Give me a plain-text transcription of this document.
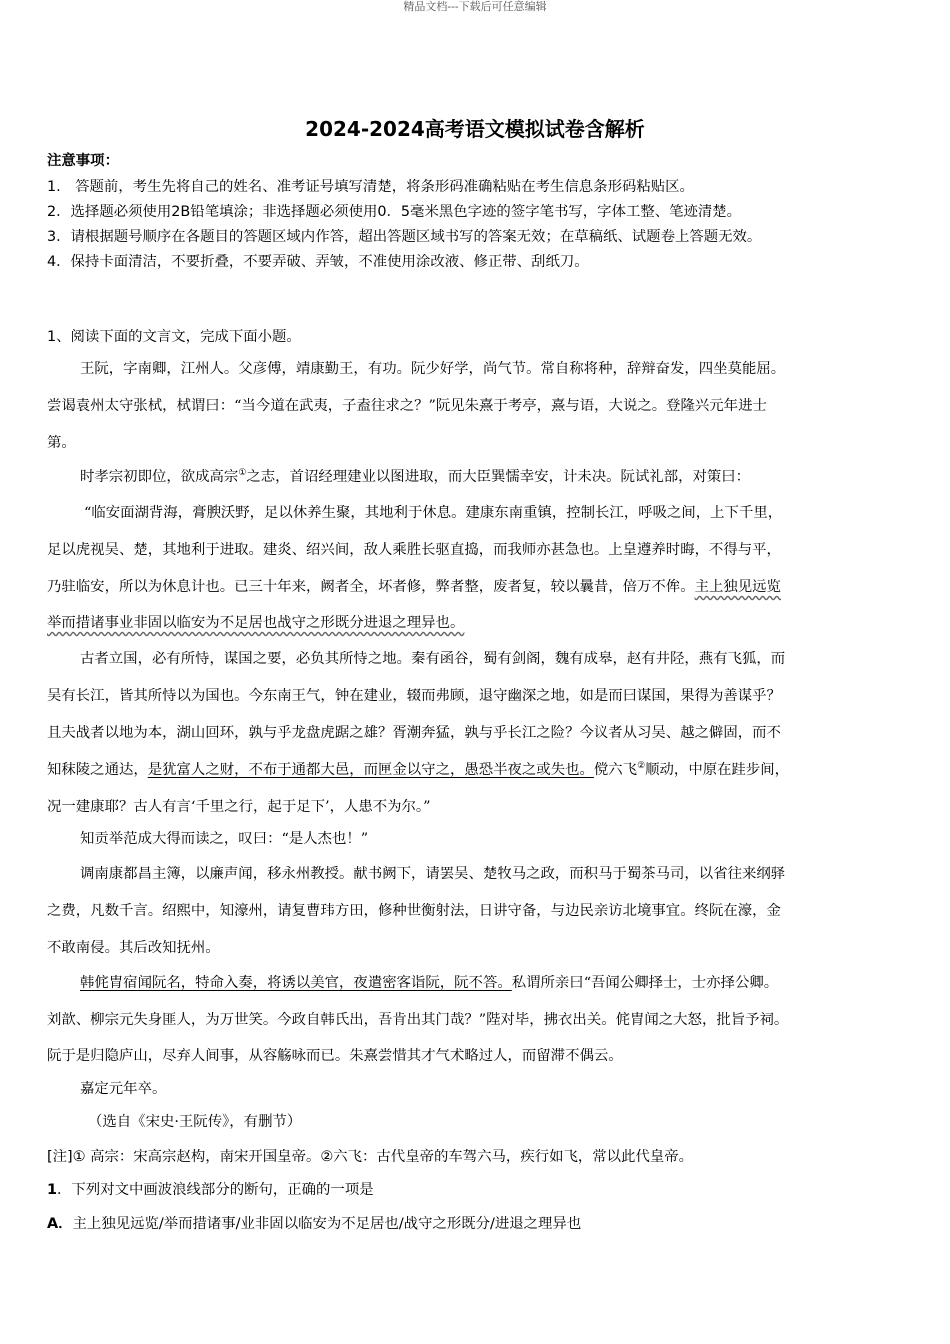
精品文档---下载后可任意编辑
2024-2024高考语文模拟试卷含解析
注意事项：
1.　答题前，考生先将自己的姓名、准考证号填写清楚，将条形码准确粘贴在考生信息条形码粘贴区。
2．选择题必须使用2B铅笔填涂；非选择题必须使用0．5毫米黑色字迹的签字笔书写，字体工整、笔迹清楚。
3．请根据题号顺序在各题目的答题区域内作答，超出答题区域书写的答案无效；在草稿纸、试题卷上答题无效。
4．保持卡面清洁，不要折叠，不要弄破、弄皱，不准使用涂改液、修正带、刮纸刀。
1、阅读下面的文言文，完成下面小题。
王阮，字南卿，江州人。父彦傅，靖康勤王，有功。阮少好学，尚气节。常自称将种，辞辩奋发，四坐莫能屈。
尝谒袁州太守张栻，栻谓曰：“当今道在武夷，子盍往求之？”阮见朱熹于考亭，熹与语，大说之。登隆兴元年进士
第。
时孝宗初即位，欲成高宗①之志，首诏经理建业以图进取，而大臣巽懦幸安，计未决。阮试礼部，对策曰：
“临安面湖背海，膏腴沃野，足以休养生聚，其地利于休息。建康东南重镇，控制长江，呼吸之间，上下千里，
足以虎视吴、楚，其地利于进取。建炎、绍兴间，敌人乘胜长驱直捣，而我师亦甚急也。上皇遵养时晦，不得与平，
乃驻临安，所以为休息计也。已三十年来，阙者全，坏者修，弊者整，废者复，较以曩昔，倍万不侔。主上独见远览
举而措诸事业非固以临安为不足居也战守之形既分进退之理异也。
古者立国，必有所恃，谋国之要，必负其所恃之地。秦有函谷，蜀有剑阁，魏有成皋，赵有井陉，燕有飞狐，而
吴有长江，皆其所恃以为国也。今东南王气，钟在建业，辍而弗顾，退守幽深之地，如是而曰谋国，果得为善谋乎？
且夫战者以地为本，湖山回环，孰与乎龙盘虎踞之雄？胥潮奔猛，孰与乎长江之险？今议者从习吴、越之僻固，而不
知秣陵之通达，是犹富人之财，不布于通都大邑，而匣金以守之，愚恐半夜之或失也。傥六飞②顺动，中原在跬步间，
况一建康耶？古人有言‘千里之行，起于足下’，人患不为尔。”
知贡举范成大得而读之，叹曰：“是人杰也！”
调南康都昌主簿，以廉声闻，移永州教授。献书阙下，请罢吴、楚牧马之政，而积马于蜀茶马司，以省往来纲驿
之费，凡数千言。绍熙中，知濠州，请复曹玮方田，修种世衡射法，日讲守备，与边民亲访北境事宜。终阮在濠，金
不敢南侵。其后改知抚州。
韩侂胄宿闻阮名，特命入奏，将诱以美官，夜遣密客诣阮，阮不答。私谓所亲曰“吾闻公卿择士，士亦择公卿。
刘歆、柳宗元失身匪人，为万世笑。今政自韩氏出，吾肯出其门哉？”陛对毕，拂衣出关。侂胄闻之大怒，批旨予祠。
阮于是归隐庐山，尽弃人间事，从容觞咏而已。朱熹尝惜其才气术略过人，而留滞不偶云。
嘉定元年卒。
（选自《宋史·王阮传》，有删节）
[注]① 高宗：宋高宗赵构，南宋开国皇帝。②六飞：古代皇帝的车驾六马，疾行如飞，常以此代皇帝。
1．下列对文中画波浪线部分的断句，正确的一项是
A．主上独见远览/举而措诸事/业非固以临安为不足居也/战守之形既分/进退之理异也
